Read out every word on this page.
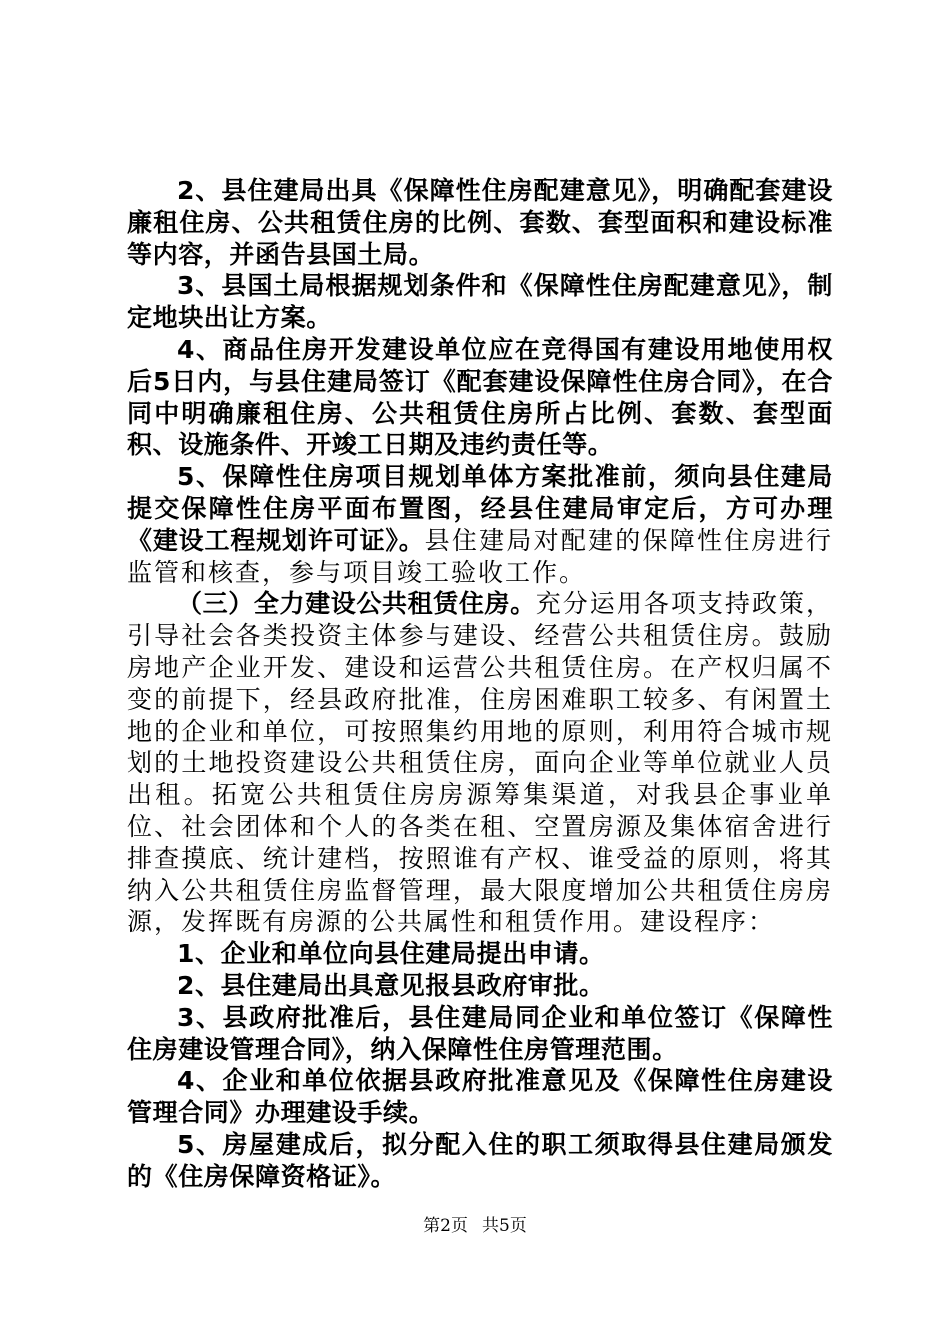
2、县住建局出具《保障性住房配建意见》，明确配套建设廉租住房、公共租赁住房的比例、套数、套型面积和建设标准等内容，并函告县国土局。

3、县国土局根据规划条件和《保障性住房配建意见》，制定地块出让方案。

4、商品住房开发建设单位应在竞得国有建设用地使用权后5日内，与县住建局签订《配套建设保障性住房合同》，在合同中明确廉租住房、公共租赁住房所占比例、套数、套型面积、设施条件、开竣工日期及违约责任等。

5、保障性住房项目规划单体方案批准前，须向县住建局提交保障性住房平面布置图，经县住建局审定后，方可办理《建设工程规划许可证》。县住建局对配建的保障性住房进行监管和核查，参与项目竣工验收工作。

（三）全力建设公共租赁住房。充分运用各项支持政策，引导社会各类投资主体参与建设、经营公共租赁住房。鼓励房地产企业开发、建设和运营公共租赁住房。在产权归属不变的前提下，经县政府批准，住房困难职工较多、有闲置土地的企业和单位，可按照集约用地的原则，利用符合城市规划的土地投资建设公共租赁住房，面向企业等单位就业人员出租。拓宽公共租赁住房房源筹集渠道，对我县企事业单位、社会团体和个人的各类在租、空置房源及集体宿舍进行排查摸底、统计建档，按照谁有产权、谁受益的原则，将其纳入公共租赁住房监督管理，最大限度增加公共租赁住房房源，发挥既有房源的公共属性和租赁作用。建设程序：

1、企业和单位向县住建局提出申请。

2、县住建局出具意见报县政府审批。

3、县政府批准后，县住建局同企业和单位签订《保障性住房建设管理合同》，纳入保障性住房管理范围。

4、企业和单位依据县政府批准意见及《保障性住房建设管理合同》办理建设手续。

5、房屋建成后，拟分配入住的职工须取得县住建局颁发的《住房保障资格证》。

第2页 共5页
